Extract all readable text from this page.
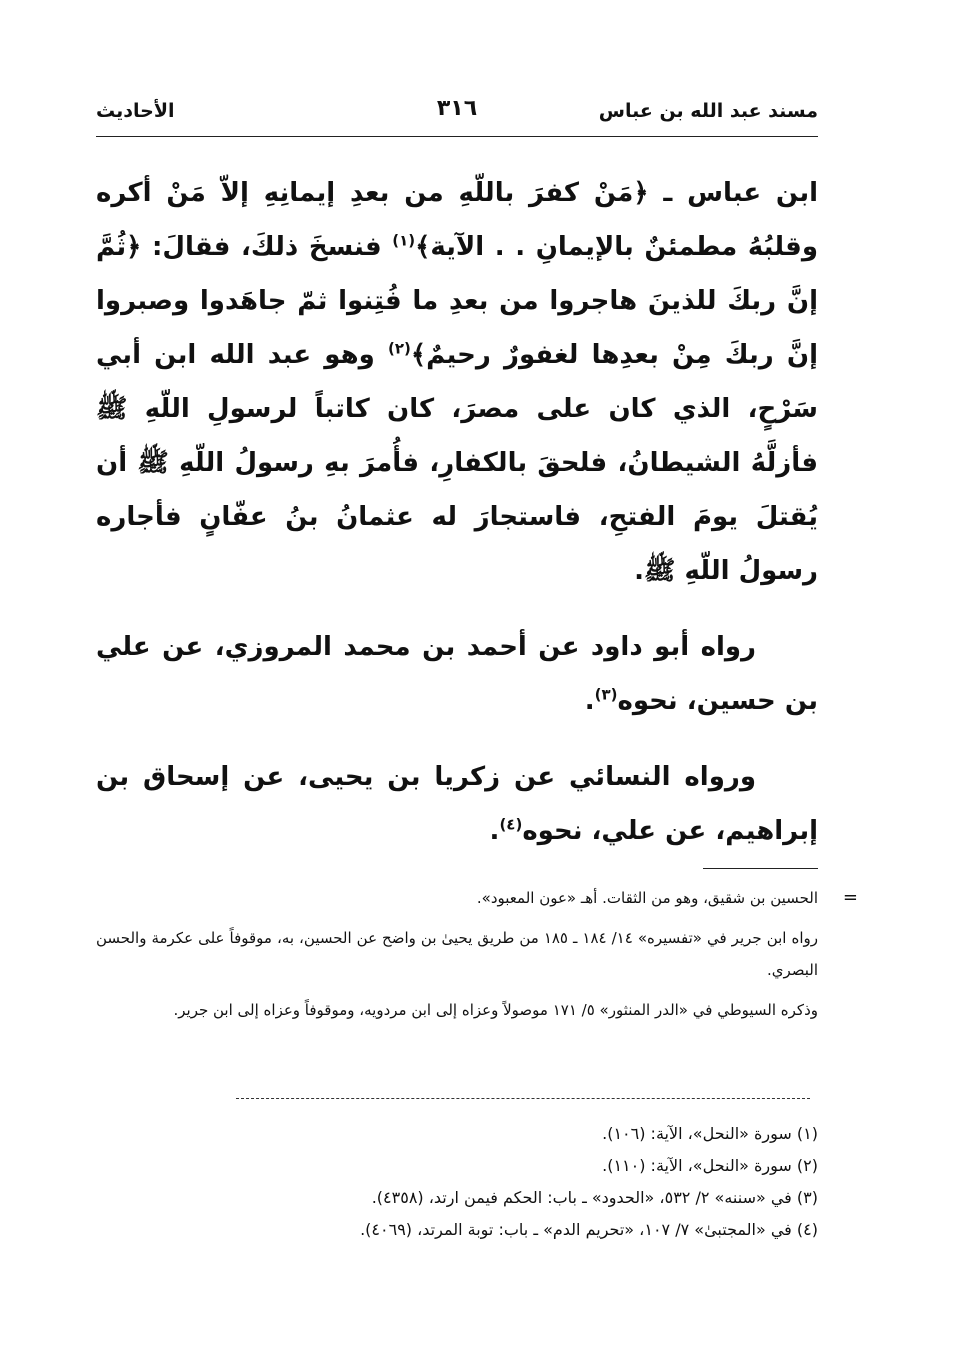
مسند عبد الله بن عباس
٣١٦
الأحاديث

ابن عباس ـ ﴿مَنْ كفرَ باللّهِ من بعدِ إيمانِهِ إلاّ مَنْ أكره وقلبُهُ مطمئنٌ بالإيمانِ . . الآية﴾$^{(١)}$ فنسخَ ذلكَ، فقالَ: ﴿ثُمَّ إنَّ ربكَ للذينَ هاجروا من بعدِ ما فُتِنوا ثمّ جاهَدوا وصبروا إنَّ ربكَ مِنْ بعدِها لغفورٌ رحيمٌ﴾$^{(٢)}$ وهو عبد الله ابن أبي سَرْحٍ، الذي كان على مصرَ، كان كاتباً لرسولِ اللّهِ ﷺ فأزلَّهُ الشيطانُ، فلحقَ بالكفارِ، فأُمرَ بهِ رسولُ اللّهِ ﷺ أن يُقتلَ يومَ الفتحِ، فاستجارَ له عثمانُ بنُ عفّانٍ فأجاره رسولُ اللّهِ ﷺ.

رواه أبو داود عن أحمد بن محمد المروزي، عن علي بن حسين، نحوه$^{(٣)}$.

ورواه النسائي عن زكريا بن يحيى، عن إسحاق بن إبراهيم، عن علي، نحوه$^{(٤)}$.

=

الحسين بن شقيق، وهو من الثقات. أهـ «عون المعبود».

رواه ابن جرير في «تفسيره» ١٤/ ١٨٤ ـ ١٨٥ من طريق يحيىٰ بن واضح عن الحسين، به، موقوفاً على عكرمة والحسن البصري.

وذكره السيوطي في «الدر المنثور» ٥/ ١٧١ موصولاً وعزاه إلى ابن مردويه، وموقوفاً وعزاه إلى ابن جرير.

(١) سورة «النحل»، الآية: (١٠٦).

(٢) سورة «النحل»، الآية: (١١٠).

(٣) في «سننه» ٢/ ٥٣٢، «الحدود» ـ باب: الحكم فيمن ارتد، (٤٣٥٨).

(٤) في «المجتبىٰ» ٧/ ١٠٧، «تحريم الدم» ـ باب: توبة المرتد، (٤٠٦٩).
